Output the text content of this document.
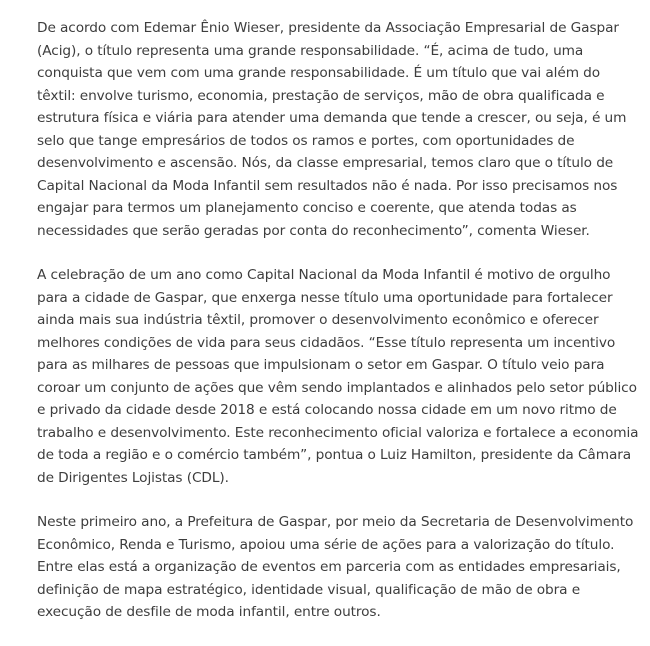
De acordo com Edemar Ênio Wieser, presidente da Associação Empresarial de Gaspar (Acig), o título representa uma grande responsabilidade. “É, acima de tudo, uma conquista que vem com uma grande responsabilidade. É um título que vai além do têxtil: envolve turismo, economia, prestação de serviços, mão de obra qualificada e estrutura física e viária para atender uma demanda que tende a crescer, ou seja, é um selo que tange empresários de todos os ramos e portes, com oportunidades de desenvolvimento e ascensão. Nós, da classe empresarial, temos claro que o título de Capital Nacional da Moda Infantil sem resultados não é nada. Por isso precisamos nos engajar para termos um planejamento conciso e coerente, que atenda todas as necessidades que serão geradas por conta do reconhecimento”, comenta Wieser.

A celebração de um ano como Capital Nacional da Moda Infantil é motivo de orgulho para a cidade de Gaspar, que enxerga nesse título uma oportunidade para fortalecer ainda mais sua indústria têxtil, promover o desenvolvimento econômico e oferecer melhores condições de vida para seus cidadãos. “Esse título representa um incentivo para as milhares de pessoas que impulsionam o setor em Gaspar. O título veio para coroar um conjunto de ações que vêm sendo implantados e alinhados pelo setor público e privado da cidade desde 2018 e está colocando nossa cidade em um novo ritmo de trabalho e desenvolvimento. Este reconhecimento oficial valoriza e fortalece a economia de toda a região e o comércio também”, pontua o Luiz Hamilton, presidente da Câmara de Dirigentes Lojistas (CDL).

Neste primeiro ano, a Prefeitura de Gaspar, por meio da Secretaria de Desenvolvimento Econômico, Renda e Turismo, apoiou uma série de ações para a valorização do título. Entre elas está a organização de eventos em parceria com as entidades empresariais, definição de mapa estratégico, identidade visual, qualificação de mão de obra e execução de desfile de moda infantil, entre outros.
